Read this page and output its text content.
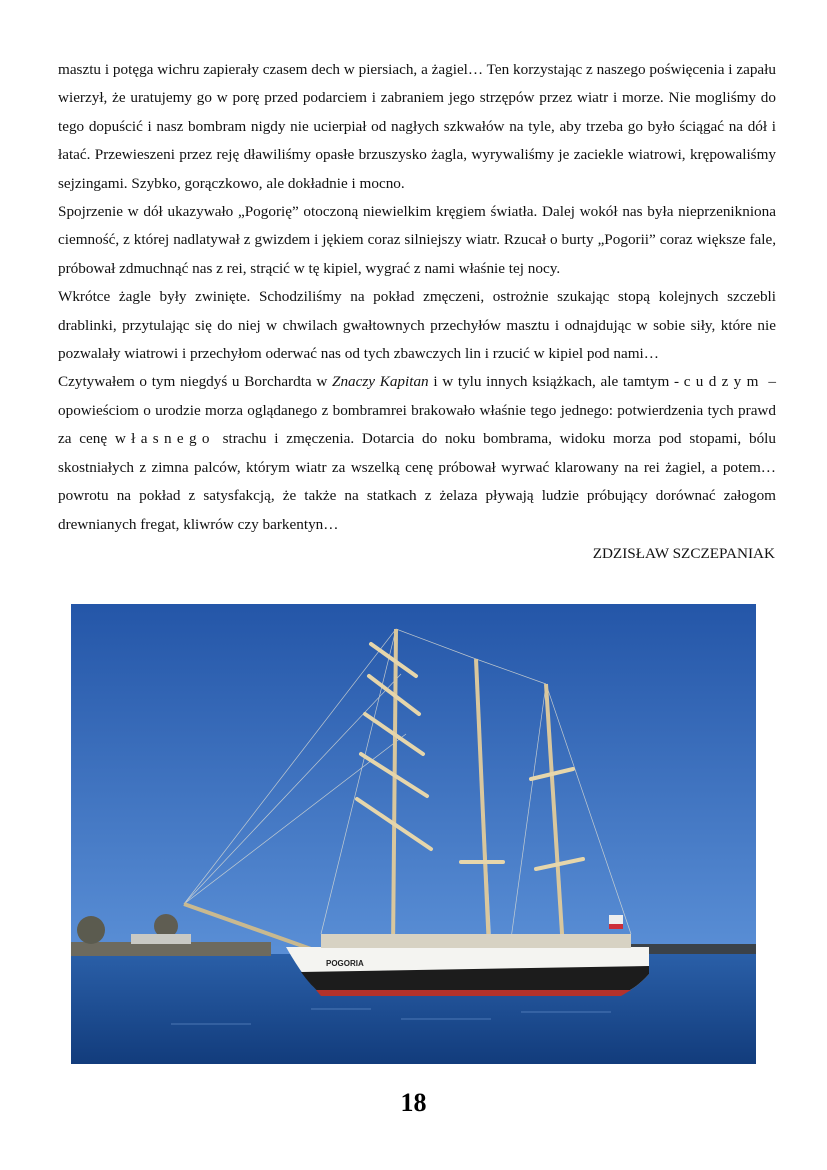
masztu i potęga wichru zapierały czasem dech w piersiach, a żagiel… Ten korzystając z naszego poświęcenia i zapału wierzył, że uratujemy go w porę przed podarciem i zabraniem jego strzępów przez wiatr i morze. Nie mogliśmy do tego dopuścić i nasz bombram nigdy nie ucierpiał od nagłych szkwałów na tyle, aby trzeba go było ściągać na dół i łatać. Przewieszeni przez reję dławiliśmy opasłe brzuszysko żagla, wyrywaliśmy je zaciekle wiatrowi, krępowaliśmy sejzingami. Szybko, gorączkowo, ale dokładnie i mocno.

Spojrzenie w dół ukazywało „Pogorię” otoczoną niewielkim kręgiem światła. Dalej wokół nas była nieprzenikniona ciemność, z której nadlatywał z gwizdem i jękiem coraz silniejszy wiatr. Rzucał o burty „Pogorii” coraz większe fale, próbował zdmuchnąć nas z rei, strącić w tę kipiel, wygrać z nami właśnie tej nocy.

Wkrótce żagle były zwinięte. Schodziliśmy na pokład zmęczeni, ostrożnie szukając stopą kolejnych szczebli drablinki, przytulając się do niej w chwilach gwałtownych przechyłów masztu i odnajdując w sobie siły, które nie pozwalały wiatrowi i przechyłom oderwać nas od tych zbawczych lin i rzucić w kipiel pod nami…

Czytywałem o tym niegdyś u Borchardta w Znaczy Kapitan i w tylu innych książkach, ale tamtym - cudzym – opowieściom o urodzie morza oglądanego z bombramrei brakowało właśnie tego jednego: potwierdzenia tych prawd za cenę własnego strachu i zmęczenia. Dotarcia do noku bombrama, widoku morza pod stopami, bólu skostniałych z zimna palców, którym wiatr za wszelką cenę próbował wyrwać klarowany na rei żagiel, a potem… powrotu na pokład z satysfakcją, że także na statkach z żelaza pływają ludzie próbujący dorównać załogom drewnianych fregat, kliwrów czy barkentyn…

ZDZISŁAW SZCZEPANIAK
POGORIA
18
